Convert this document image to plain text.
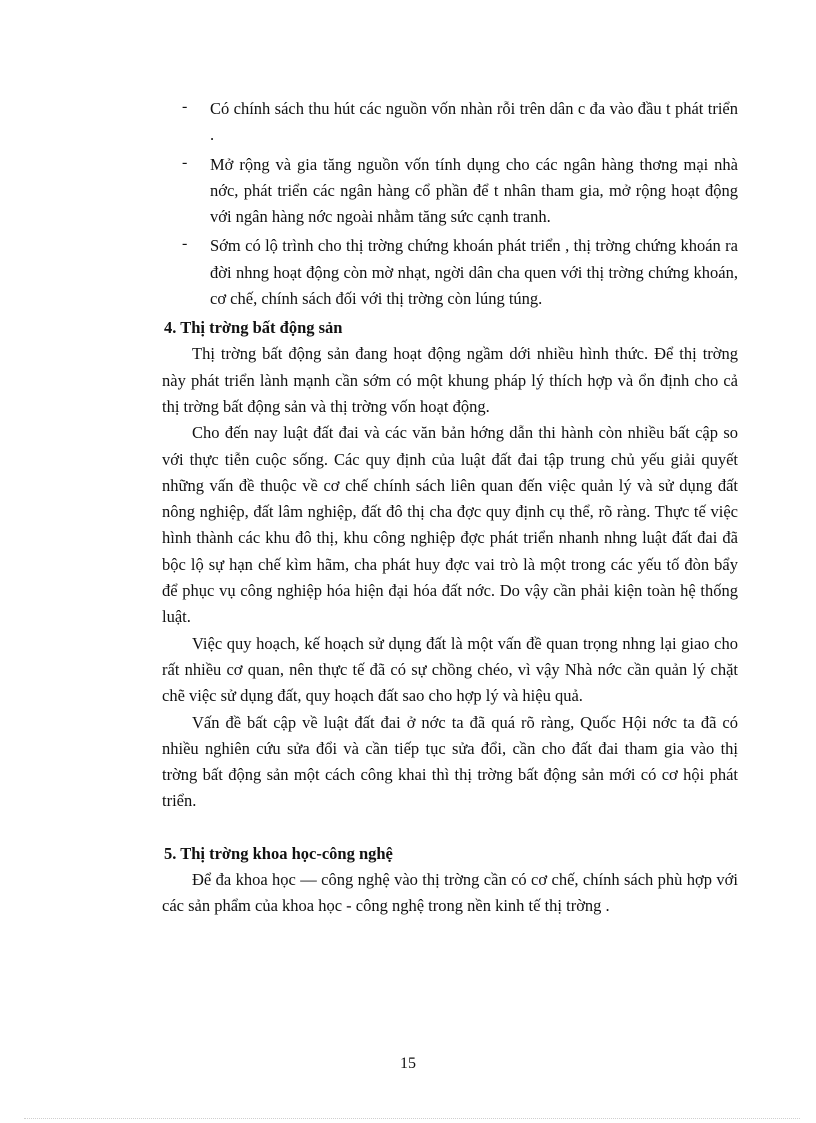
- Có chính sách thu hút các nguồn vốn nhàn rỗi trên dân c đa vào đầu t phát triển .
- Mở rộng và gia tăng nguồn vốn tính dụng cho các ngân hàng thơng mại nhà nớc, phát triển các ngân hàng cổ phần để t nhân tham gia, mở rộng hoạt động với ngân hàng nớc ngoài nhằm tăng sức cạnh tranh.
- Sớm có lộ trình cho thị trờng chứng khoán phát triển , thị trờng chứng khoán ra đời nhng hoạt động còn mờ nhạt, ngời dân cha quen với thị trờng chứng khoán, cơ chế, chính sách đối với thị trờng còn lúng túng.

4. Thị trờng bất động sản

Thị trờng bất động sản đang hoạt động ngầm dới nhiều hình thức. Để thị trờng này phát triển lành mạnh cần sớm có một khung pháp lý thích hợp và ổn định cho cả thị trờng bất động sản và thị trờng vốn hoạt động.

Cho đến nay luật đất đai và các văn bản hớng dẫn thi hành còn nhiều bất cập so với thực tiễn cuộc sống. Các quy định của luật đất đai tập trung chủ yếu giải quyết những vấn đề thuộc về cơ chế chính sách liên quan đến việc quản lý và sử dụng đất nông nghiệp, đất lâm nghiệp, đất đô thị cha đợc quy định cụ thể, rõ ràng. Thực tế việc hình thành các khu đô thị, khu công nghiệp đợc phát triển nhanh nhng luật đất đai đã bộc lộ sự hạn chế kìm hãm, cha phát huy đợc vai trò là một trong các yếu tố đòn bẩy để phục vụ công nghiệp hóa hiện đại hóa đất nớc. Do vậy cần phải kiện toàn hệ thống luật.

Việc quy hoạch, kế hoạch sử dụng đất là một vấn đề quan trọng nhng lại giao cho rất nhiều cơ quan, nên thực tế đã có sự chồng chéo, vì vậy Nhà nớc cần quản lý chặt chẽ việc sử dụng đất, quy hoạch đất sao cho hợp lý và hiệu quả.

Vấn đề bất cập về luật đất đai ở nớc ta đã quá rõ ràng, Quốc Hội nớc ta đã có nhiều nghiên cứu sửa đổi và cần tiếp tục sửa đổi, cần cho đất đai tham gia vào thị trờng bất động sản một cách công khai thì thị trờng bất động sản mới có cơ hội phát triển.

5. Thị trờng khoa học-công nghệ

Để đa khoa học — công nghệ vào thị trờng cần có cơ chế, chính sách phù hợp với các sản phẩm của khoa học - công nghệ trong nền kinh tế thị trờng .

15
